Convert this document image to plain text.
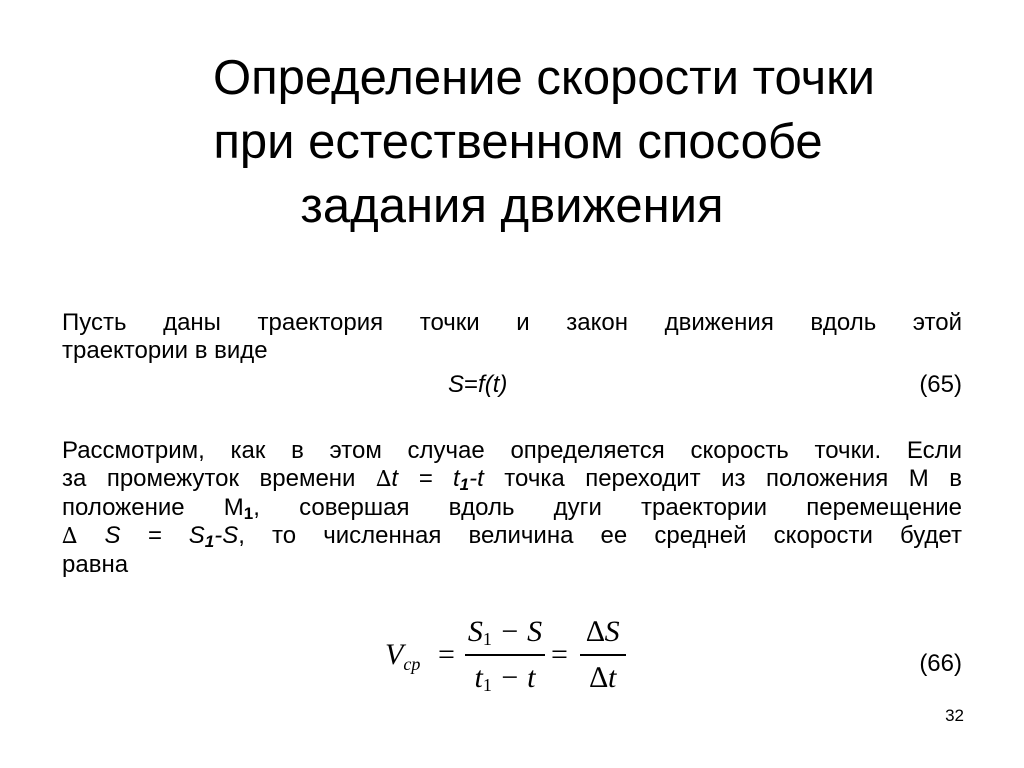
Определение скорости точки
при естественном способе
задания движения
Пусть даны траектория точки и закон движения вдоль этой
траектории в виде
S=f(t)	(65)
Рассмотрим, как в этом случае определяется скорость точки. Если
за промежуток времени $\Delta t = t_1-t$ точка переходит из положения М в
положение $М_1$, совершая вдоль дуги траектории перемещение
∆ $S = S_1-S$, то численная величина ее средней скорости будет
равна
$V_{cp}$ =
S1 − S
t1 − t
=
∆S
∆t	(66)
32
